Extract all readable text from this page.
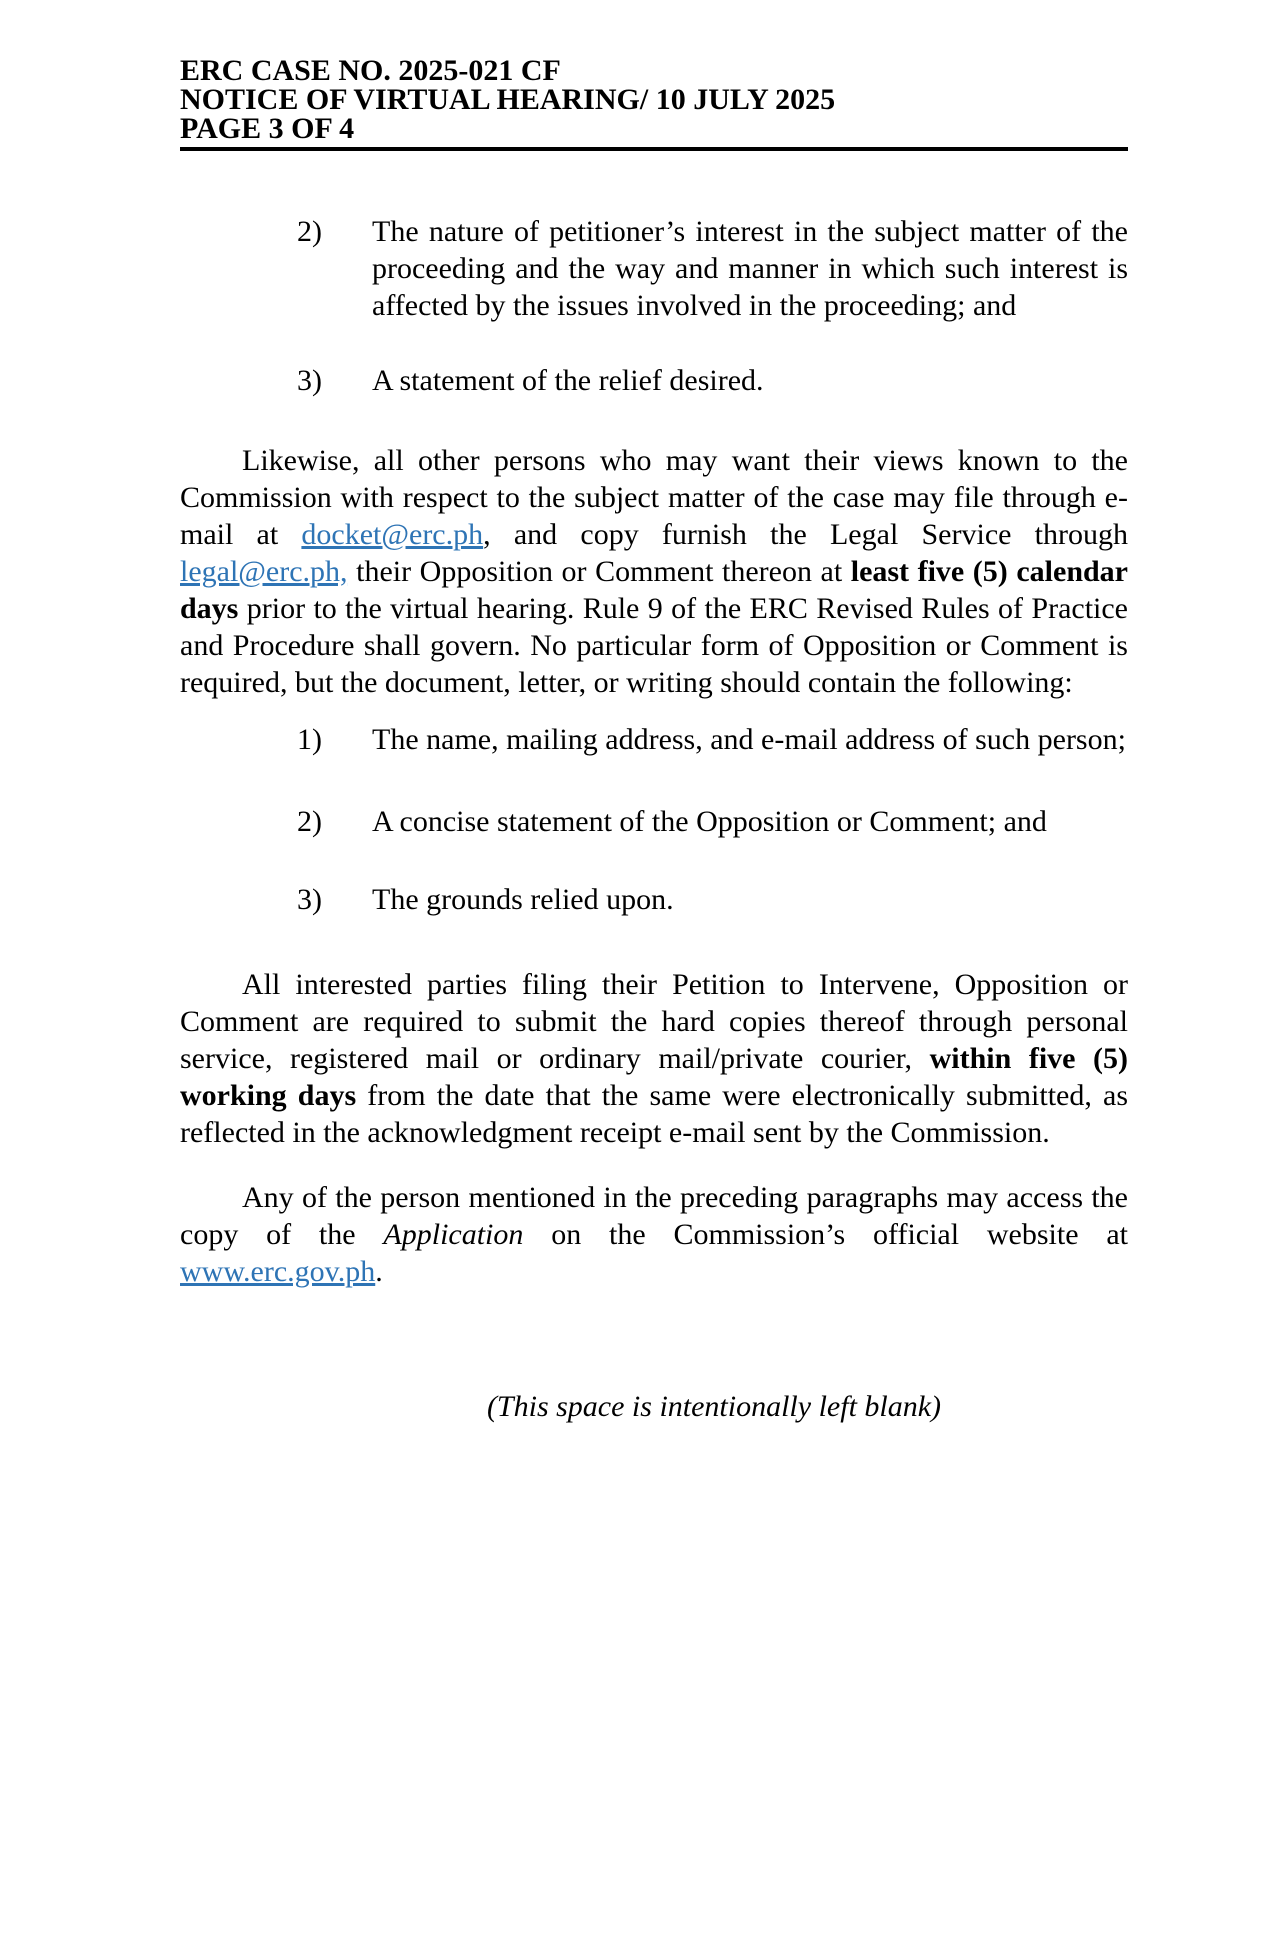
ERC CASE NO. 2025-021 CF
NOTICE OF VIRTUAL HEARING/ 10 JULY 2025
PAGE 3 OF 4
2)	The nature of petitioner’s interest in the subject matter of the proceeding and the way and manner in which such interest is affected by the issues involved in the proceeding; and
3)	A statement of the relief desired.
Likewise, all other persons who may want their views known to the Commission with respect to the subject matter of the case may file through e-mail at docket@erc.ph, and copy furnish the Legal Service through legal@erc.ph, their Opposition or Comment thereon at least five (5) calendar days prior to the virtual hearing. Rule 9 of the ERC Revised Rules of Practice and Procedure shall govern. No particular form of Opposition or Comment is required, but the document, letter, or writing should contain the following:
1)	The name, mailing address, and e-mail address of such person;
2)	A concise statement of the Opposition or Comment; and
3)	The grounds relied upon.
All interested parties filing their Petition to Intervene, Opposition or Comment are required to submit the hard copies thereof through personal service, registered mail or ordinary mail/private courier, within five (5) working days from the date that the same were electronically submitted, as reflected in the acknowledgment receipt e-mail sent by the Commission.
Any of the person mentioned in the preceding paragraphs may access the copy of the Application on the Commission’s official website at www.erc.gov.ph.
(This space is intentionally left blank)
